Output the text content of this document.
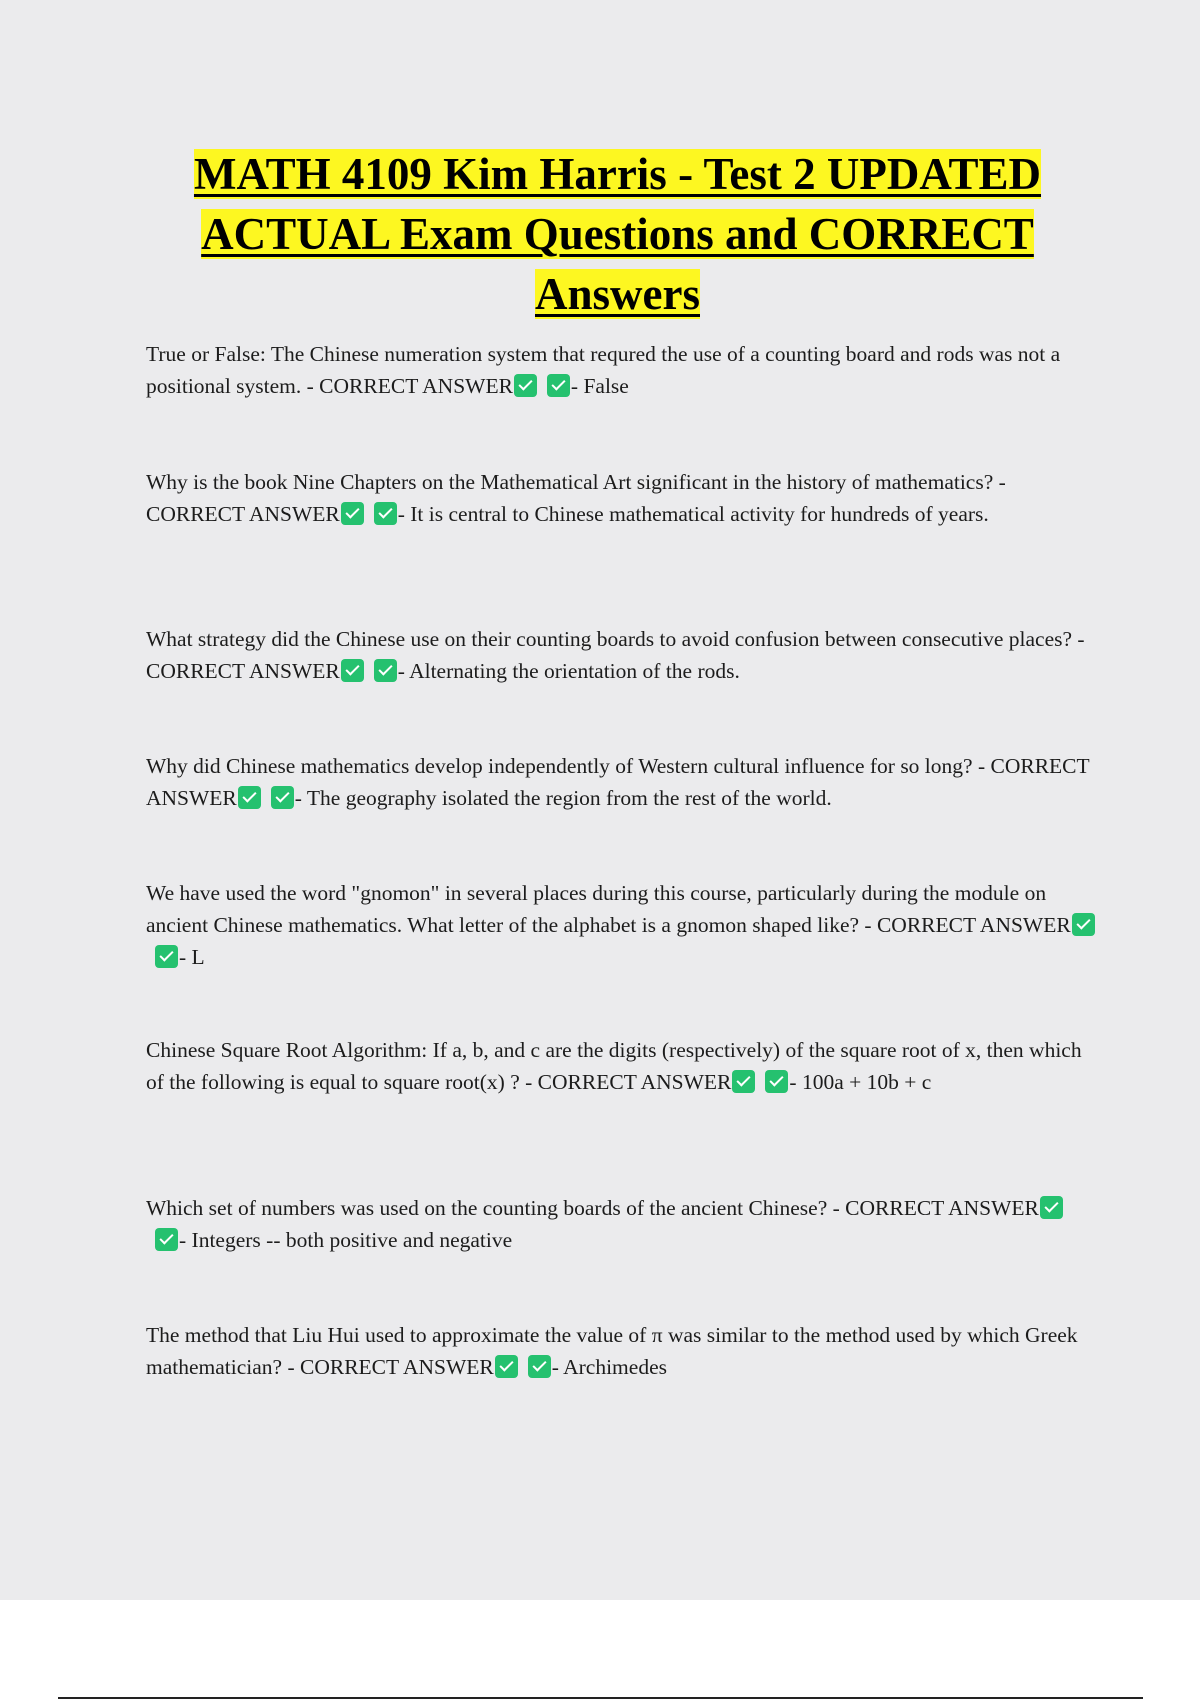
MATH 4109 Kim Harris - Test 2 UPDATED ACTUAL Exam Questions and CORRECT Answers

True or False: The Chinese numeration system that requred the use of a counting board and rods was not a positional system. - CORRECT ANSWER	- False

Why is the book Nine Chapters on the Mathematical Art significant in the history of mathematics? - CORRECT ANSWER	- It is central to Chinese mathematical activity for hundreds of years.

What strategy did the Chinese use on their counting boards to avoid confusion between consecutive places? - CORRECT ANSWER	- Alternating the orientation of the rods.

Why did Chinese mathematics develop independently of Western cultural influence for so long? - CORRECT ANSWER	- The geography isolated the region from the rest of the world.

We have used the word "gnomon" in several places during this course, particularly during the module on ancient Chinese mathematics. What letter of the alphabet is a gnomon shaped like? - CORRECT ANSWER- L

Chinese Square Root Algorithm: If a, b, and c are the digits (respectively) of the square root of x, then which of the following is equal to square root(x) ? - CORRECT ANSWER	- 100a + 10b + c

Which set of numbers was used on the counting boards of the ancient Chinese? - CORRECT ANSWER- Integers -- both positive and negative

The method that Liu Hui used to approximate the value of π was similar to the method used by which Greek mathematician? - CORRECT ANSWER	- Archimedes
